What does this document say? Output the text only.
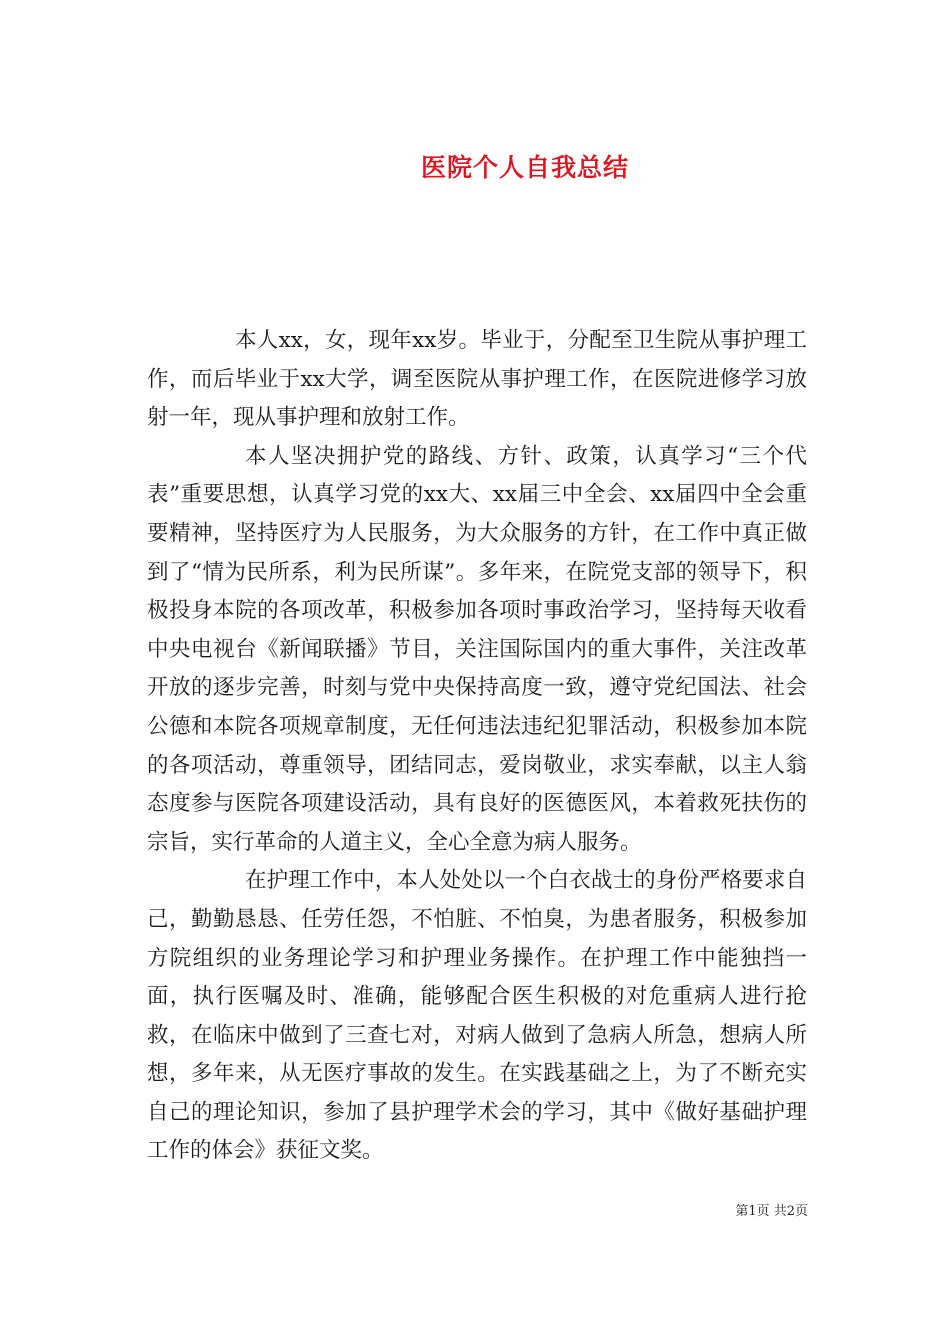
医院个人自我总结

本人xx，女，现年xx岁。毕业于，分配至卫生院从事护理工作，而后毕业于xx大学，调至医院从事护理工作，在医院进修学习放射一年，现从事护理和放射工作。

本人坚决拥护党的路线、方针、政策，认真学习“三个代表”重要思想，认真学习党的xx大、xx届三中全会、xx届四中全会重要精神，坚持医疗为人民服务，为大众服务的方针，在工作中真正做到了“情为民所系，利为民所谋”。多年来，在院党支部的领导下，积极投身本院的各项改革，积极参加各项时事政治学习，坚持每天收看中央电视台《新闻联播》节目，关注国际国内的重大事件，关注改革开放的逐步完善，时刻与党中央保持高度一致，遵守党纪国法、社会公德和本院各项规章制度，无任何违法违纪犯罪活动，积极参加本院的各项活动，尊重领导，团结同志，爱岗敬业，求实奉献，以主人翁态度参与医院各项建设活动，具有良好的医德医风，本着救死扶伤的宗旨，实行革命的人道主义，全心全意为病人服务。

在护理工作中，本人处处以一个白衣战士的身份严格要求自己，勤勤恳恳、任劳任怨，不怕脏、不怕臭，为患者服务，积极参加方院组织的业务理论学习和护理业务操作。在护理工作中能独挡一面，执行医嘱及时、准确，能够配合医生积极的对危重病人进行抢救，在临床中做到了三查七对，对病人做到了急病人所急，想病人所想，多年来，从无医疗事故的发生。在实践基础之上，为了不断充实自己的理论知识，参加了县护理学术会的学习，其中《做好基础护理工作的体会》获征文奖。

第1页 共2页
